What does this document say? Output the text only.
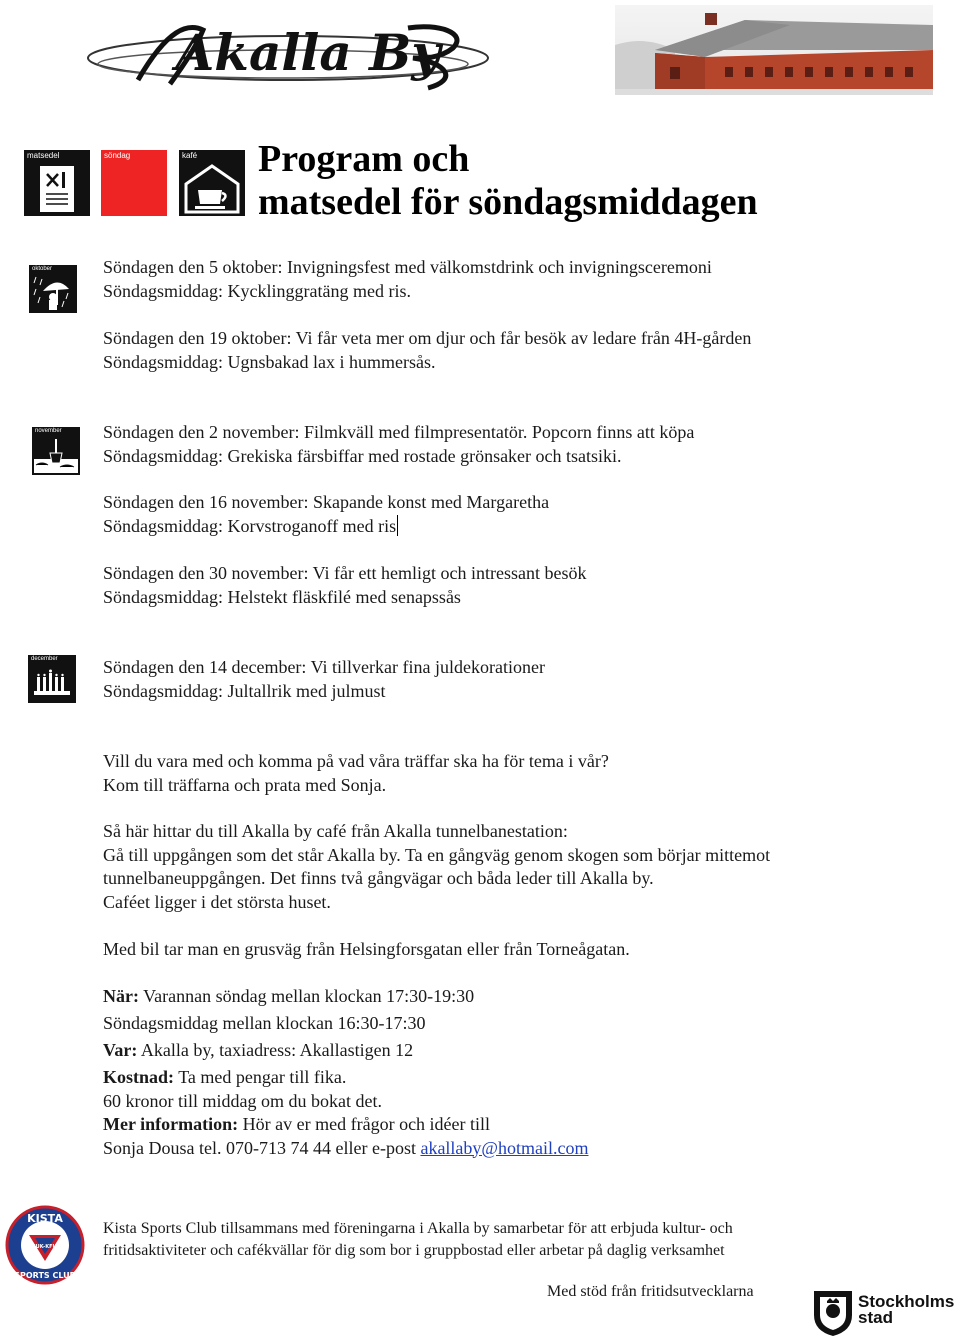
Akalla By
matsedel	söndag	kafé Program och
matsedel för söndagsmiddagen
oktober
november
december
Söndagen den 5 oktober: Invigningsfest med välkomstdrink och invigningsceremoni
Söndagsmiddag: Kycklinggratäng med ris.
Söndagen den 19 oktober: Vi får veta mer om djur och får besök av ledare från 4H-gården
Söndagsmiddag: Ugnsbakad lax i hummersås.
Söndagen den 2 november: Filmkväll med filmpresentatör. Popcorn finns att köpa
Söndagsmiddag: Grekiska färsbiffar med rostade grönsaker och tsatsiki.
Söndagen den 16 november: Skapande konst med Margaretha
Söndagsmiddag: Korvstroganoff med ris
Söndagen den 30 november: Vi får ett hemligt och intressant besök
Söndagsmiddag: Helstekt fläskfilé med senapssås
Söndagen den 14 december: Vi tillverkar fina juldekorationer
Söndagsmiddag: Jultallrik med julmust
Vill du vara med och komma på vad våra träffar ska ha för tema i vår?
Kom till träffarna och prata med Sonja.
Så här hittar du till Akalla by café från Akalla tunnelbanestation:
Gå till uppgången som det står Akalla by. Ta en gångväg genom skogen som börjar mittemot
tunnelbaneuppgången. Det finns två gångvägar och båda leder till Akalla by.
Caféet ligger i det största huset.
Med bil tar man en grusväg från Helsingforsgatan eller från Torneågatan.
När: Varannan söndag mellan klockan 17:30-19:30
Söndagsmiddag mellan klockan 16:30-17:30
Var: Akalla by, taxiadress: Akallastigen 12
Kostnad: Ta med pengar till fika.
60 kronor till middag om du bokat det.
Mer information: Hör av er med frågor och idéer till
Sonja Dousa tel. 070-713 74 44 eller e-post akallaby@hotmail.com
KISTA
KFUK-KFUM
SPORTS CLUB
Kista Sports Club tillsammans med föreningarna i Akalla by samarbetar för att erbjuda kultur- och
fritidsaktiviteter och cafékvällar för dig som bor i gruppbostad eller arbetar på daglig verksamhet
Med stöd från fritidsutvecklarna
Stockholms
stad
